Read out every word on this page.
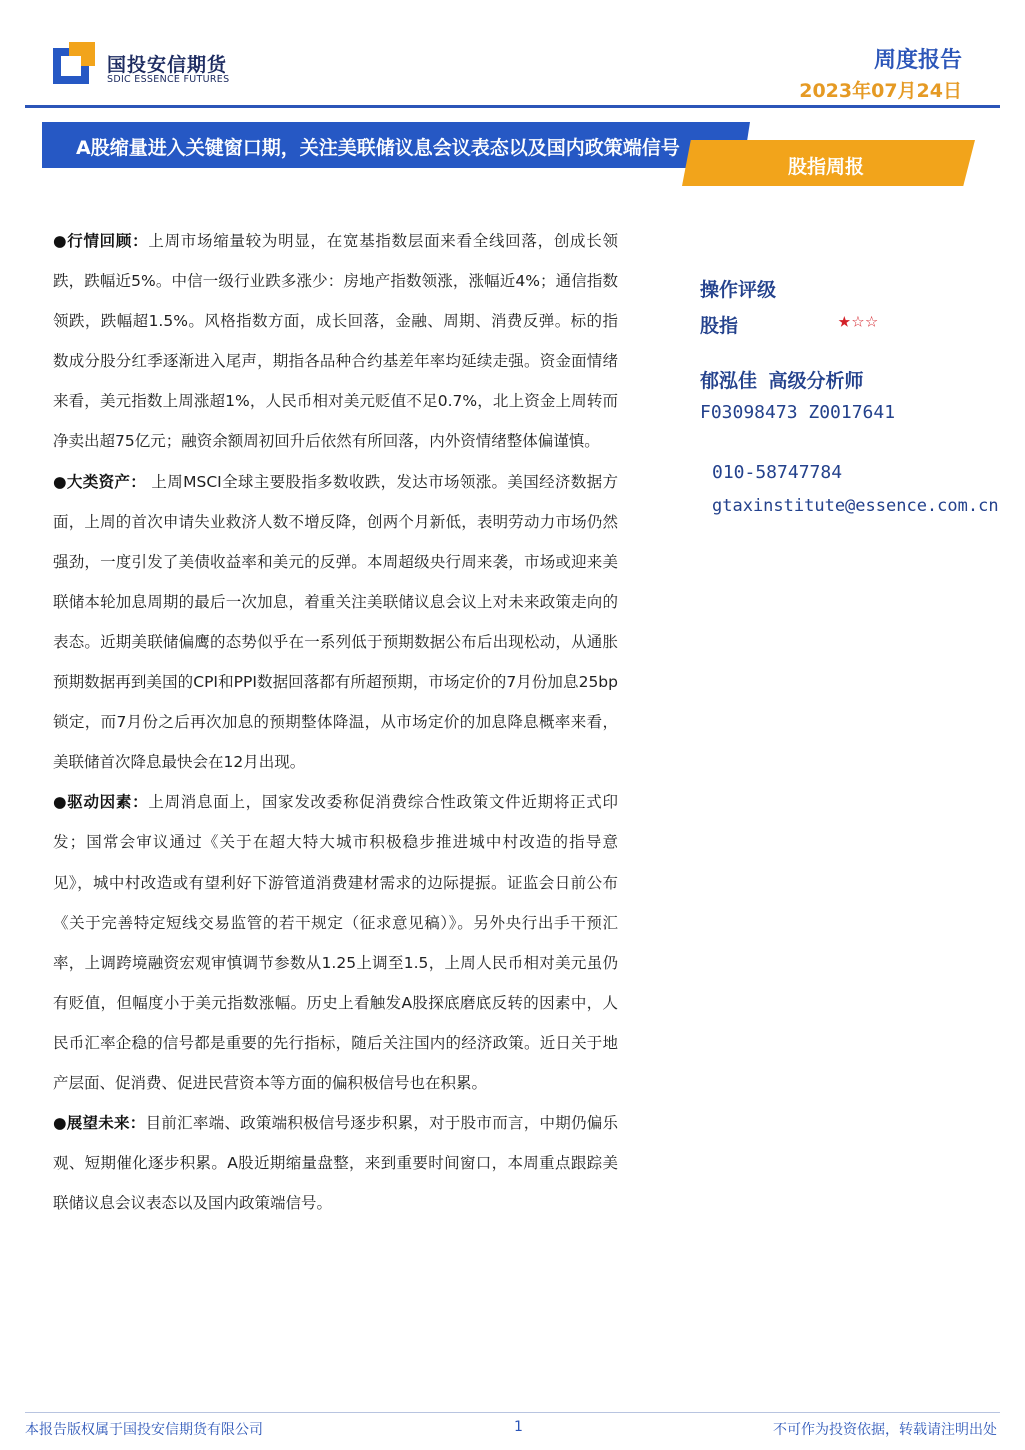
国投安信期货
SDIC ESSENCE FUTURES
周度报告
2023年07月24日
A股缩量进入关键窗口期，关注美联储议息会议表态以及国内政策端信号
股指周报

●行情回顾：上周市场缩量较为明显，在宽基指数层面来看全线回落，创成长领跌，跌幅近5%。中信一级行业跌多涨少：房地产指数领涨，涨幅近4%；通信指数领跌，跌幅超1.5%。风格指数方面，成长回落，金融、周期、消费反弹。标的指数成分股分红季逐渐进入尾声，期指各品种合约基差年率均延续走强。资金面情绪来看，美元指数上周涨超1%，人民币相对美元贬值不足0.7%，北上资金上周转而净卖出超75亿元；融资余额周初回升后依然有所回落，内外资情绪整体偏谨慎。

●大类资产： 上周MSCI全球主要股指多数收跌，发达市场领涨。美国经济数据方面，上周的首次申请失业救济人数不增反降，创两个月新低，表明劳动力市场仍然强劲，一度引发了美债收益率和美元的反弹。本周超级央行周来袭，市场或迎来美联储本轮加息周期的最后一次加息，着重关注美联储议息会议上对未来政策走向的表态。近期美联储偏鹰的态势似乎在一系列低于预期数据公布后出现松动，从通胀预期数据再到美国的CPI和PPI数据回落都有所超预期，市场定价的7月份加息25bp锁定，而7月份之后再次加息的预期整体降温，从市场定价的加息降息概率来看，美联储首次降息最快会在12月出现。

●驱动因素：上周消息面上，国家发改委称促消费综合性政策文件近期将正式印发；国常会审议通过《关于在超大特大城市积极稳步推进城中村改造的指导意见》，城中村改造或有望利好下游管道消费建材需求的边际提振。证监会日前公布《关于完善特定短线交易监管的若干规定（征求意见稿）》。另外央行出手干预汇率，上调跨境融资宏观审慎调节参数从1.25上调至1.5，上周人民币相对美元虽仍有贬值，但幅度小于美元指数涨幅。历史上看触发A股探底磨底反转的因素中，人民币汇率企稳的信号都是重要的先行指标，随后关注国内的经济政策。近日关于地产层面、促消费、促进民营资本等方面的偏积极信号也在积累。

●展望未来：目前汇率端、政策端积极信号逐步积累，对于股市而言，中期仍偏乐观、短期催化逐步积累。A股近期缩量盘整，来到重要时间窗口，本周重点跟踪美联储议息会议表态以及国内政策端信号。

操作评级
股指	★☆☆
郁泓佳 高级分析师
F03098473 Z0017641
010-58747784
gtaxinstitute@essence.com.cn
本报告版权属于国投安信期货有限公司	1	不可作为投资依据，转载请注明出处
